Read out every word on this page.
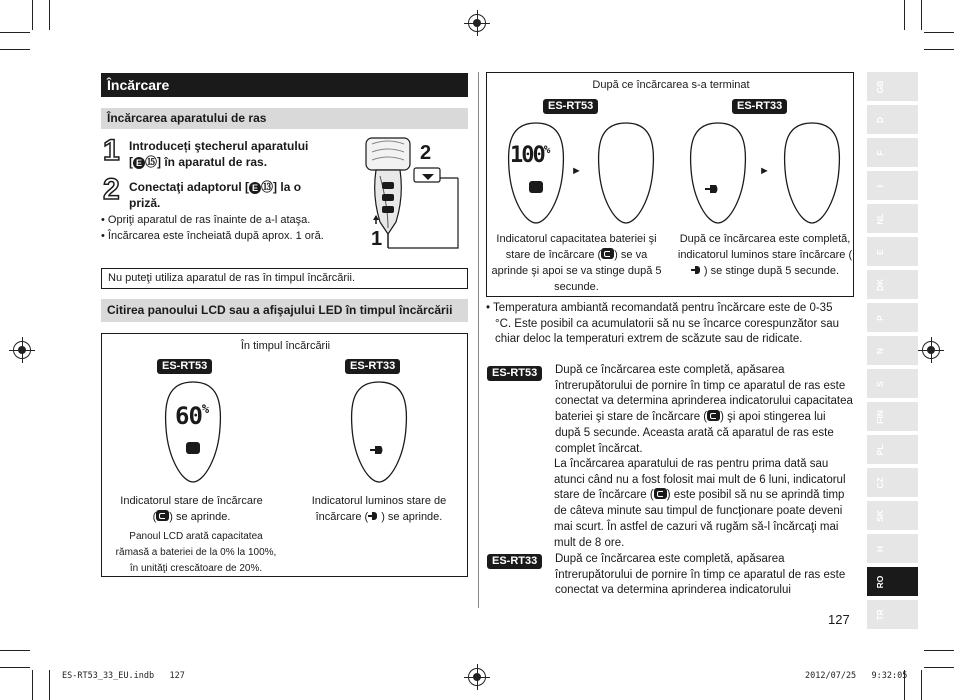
Încărcare
Încărcarea aparatului de ras
1 Introduceți ştecherul aparatului
[ E ⑮] în aparatul de ras.
2 Conectaţi adaptorul [ E ⑬] la o
priză.
• Opriţi aparatul de ras înainte de a-l ataşa.
• Încărcarea este încheiată după aprox. 1 oră.
2
1
Nu puteţi utiliza aparatul de ras în timpul încărcării.
Citirea panoului LCD sau a afişajului LED în timpul încărcării
În timpul încărcării
ES-RT53	ES-RT33
60%
Indicatorul stare de încărcare
( ) se aprinde.
Panoul LCD arată capacitatea rămasă a bateriei de la 0% la 100%, în unităţi crescătoare de 20%.
Indicatorul luminos stare de încărcare ( ) se aprinde.
După ce încărcarea s-a terminat
ES-RT53	ES-RT33
100%
►	►
Indicatorul capacitatea bateriei şi stare de încărcare ( ) se va aprinde şi apoi se va stinge după 5 secunde.
După ce încărcarea este completă, indicatorul luminos stare încărcare () se stinge după 5 secunde.
• Temperatura ambiantă recomandată pentru încărcare este de 0-35 °C. Este posibil ca acumulatorii să nu se încarce corespunzător sau chiar deloc la temperaturi extrem de scăzute sau de ridicate.
ES-RT53	După ce încărcarea este completă, apăsarea întrerupătorului de pornire în timp ce aparatul de ras este conectat va determina aprinderea indicatorului capacitatea bateriei şi stare de încărcare ( ) şi apoi stingerea lui după 5 secunde. Aceasta arată că aparatul de ras este complet încărcat.
La încărcarea aparatului de ras pentru prima dată sau atunci când nu a fost folosit mai mult de 6 luni, indicatorul stare de încărcare ( ) este posibil să nu se aprindă timp de câteva minute sau timpul de funcţionare poate deveni mai scurt. În astfel de cazuri vă rugăm să-l încărcaţi mai mult de 8 ore.
ES-RT33	După ce încărcarea este completă, apăsarea întrerupătorului de pornire în timp ce aparatul de ras este conectat va determina aprinderea indicatorului
127
GB
D
F
I
NL
E
DK
P
N
S
FIN
PL
CZ
SK
H
RO
TR
ES-RT53_33_EU.indb   127	2012/07/25   9:32:05
